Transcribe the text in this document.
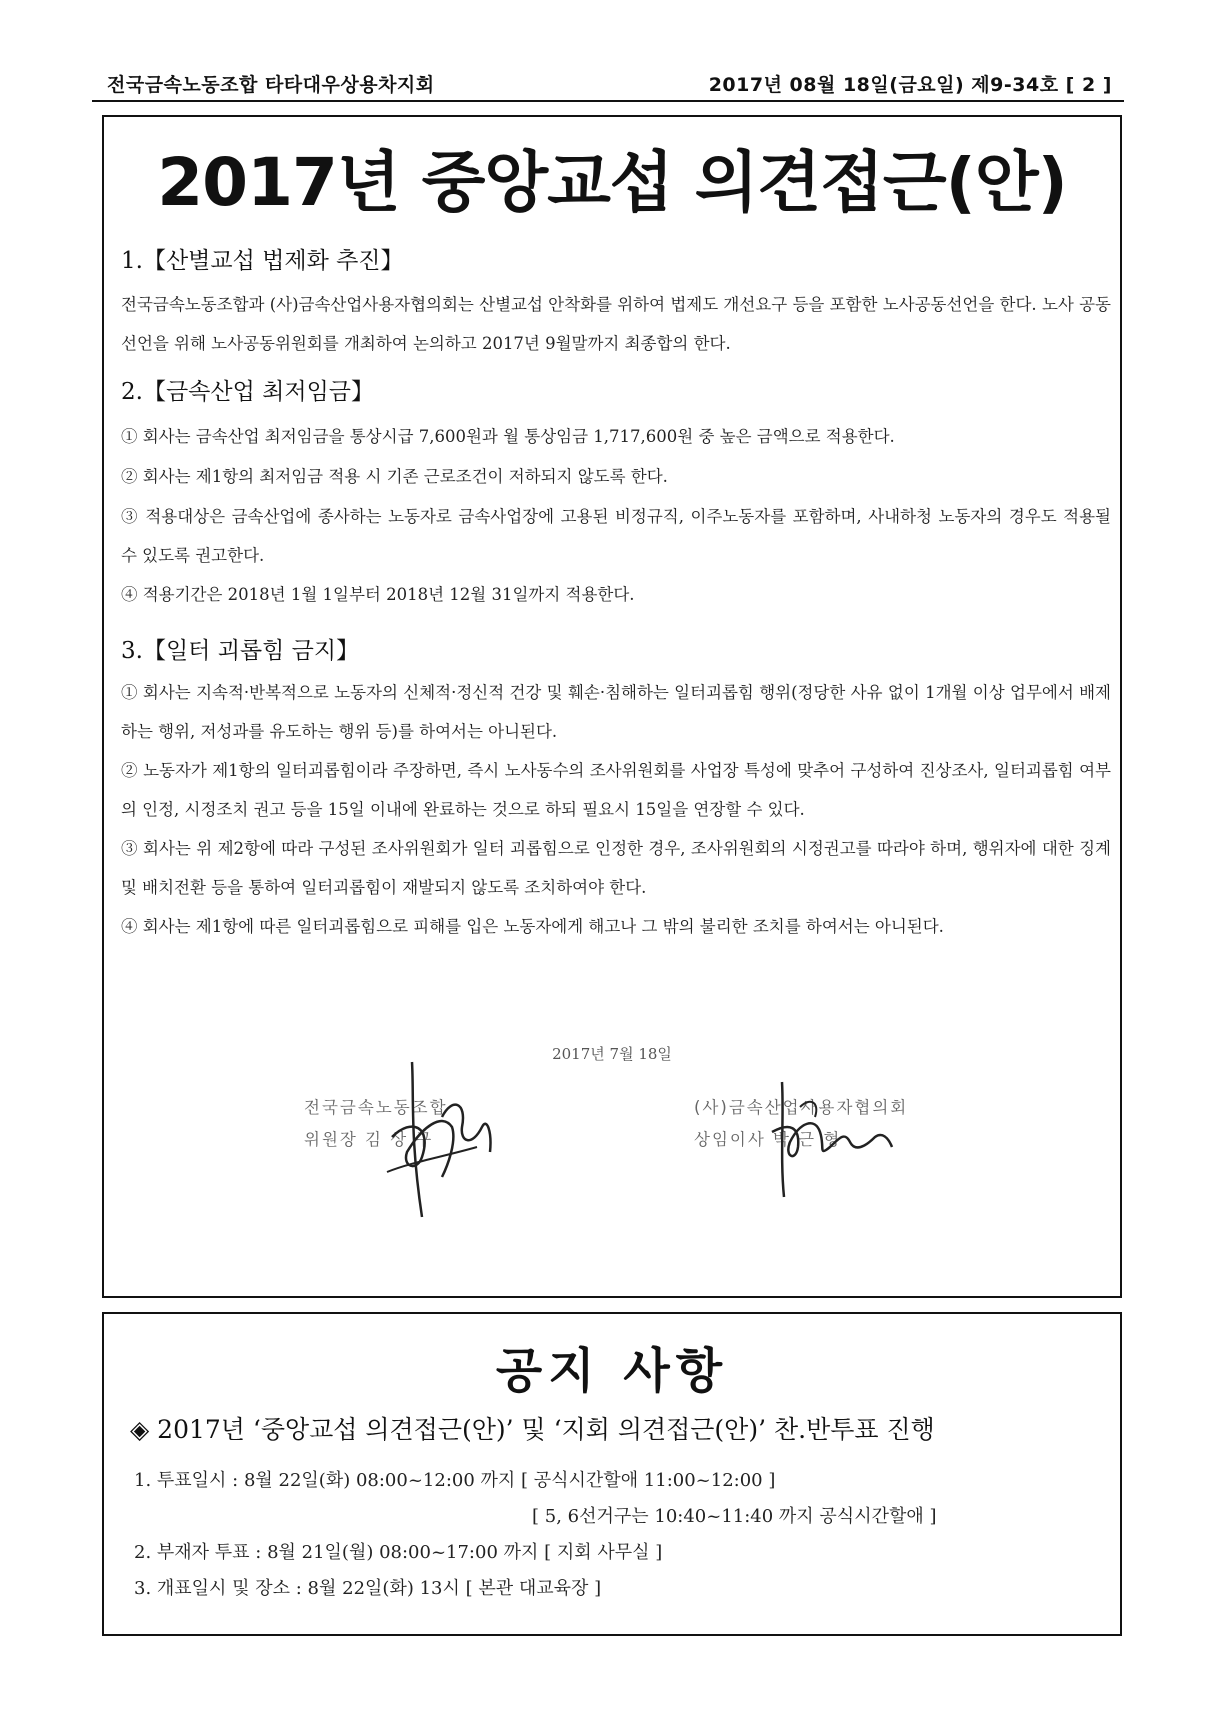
전국금속노동조합 타타대우상용차지회	2017년 08월 18일(금요일) 제9-34호 [ 2 ]
2017년 중앙교섭 의견접근(안)
1.【산별교섭 법제화 추진】
전국금속노동조합과 (사)금속산업사용자협의회는 산별교섭 안착화를 위하여 법제도 개선요구 등을 포함한 노사공동선언을 한다. 노사 공동선언을 위해 노사공동위원회를 개최하여 논의하고 2017년 9월말까지 최종합의 한다.
2.【금속산업 최저임금】
① 회사는 금속산업 최저임금을 통상시급 7,600원과 월 통상임금 1,717,600원 중 높은 금액으로 적용한다.
② 회사는 제1항의 최저임금 적용 시 기존 근로조건이 저하되지 않도록 한다.
③ 적용대상은 금속산업에 종사하는 노동자로 금속사업장에 고용된 비정규직, 이주노동자를 포함하며, 사내하청 노동자의 경우도 적용될 수 있도록 권고한다.
④ 적용기간은 2018년 1월 1일부터 2018년 12월 31일까지 적용한다.
3.【일터 괴롭힘 금지】
① 회사는 지속적·반복적으로 노동자의 신체적·정신적 건강 및 훼손·침해하는 일터괴롭힘 행위(정당한 사유 없이 1개월 이상 업무에서 배제하는 행위, 저성과를 유도하는 행위 등)를 하여서는 아니된다.
② 노동자가 제1항의 일터괴롭힘이라 주장하면, 즉시 노사동수의 조사위원회를 사업장 특성에 맞추어 구성하여 진상조사, 일터괴롭힘 여부의 인정, 시정조치 권고 등을 15일 이내에 완료하는 것으로 하되 필요시 15일을 연장할 수 있다.
③ 회사는 위 제2항에 따라 구성된 조사위원회가 일터 괴롭힘으로 인정한 경우, 조사위원회의 시정권고를 따라야 하며, 행위자에 대한 징계 및 배치전환 등을 통하여 일터괴롭힘이 재발되지 않도록 조치하여야 한다.
④ 회사는 제1항에 따른 일터괴롭힘으로 피해를 입은 노동자에게 해고나 그 밖의 불리한 조치를 하여서는 아니된다.
2017년 7월 18일
전국금속노동조합
위원장 김 상 구
(사)금속산업사용자협의회
상임이사 박 근 형
공지 사항
◈ 2017년 ‘중앙교섭 의견접근(안)’ 및 ‘지회 의견접근(안)’ 찬.반투표 진행
1. 투표일시 : 8월 22일(화) 08:00~12:00 까지 [ 공식시간할애 11:00~12:00 ]
[ 5, 6선거구는 10:40~11:40 까지 공식시간할애 ]
2. 부재자 투표 : 8월 21일(월) 08:00~17:00 까지 [ 지회 사무실 ]
3. 개표일시 및 장소 : 8월 22일(화) 13시 [ 본관 대교육장 ]
